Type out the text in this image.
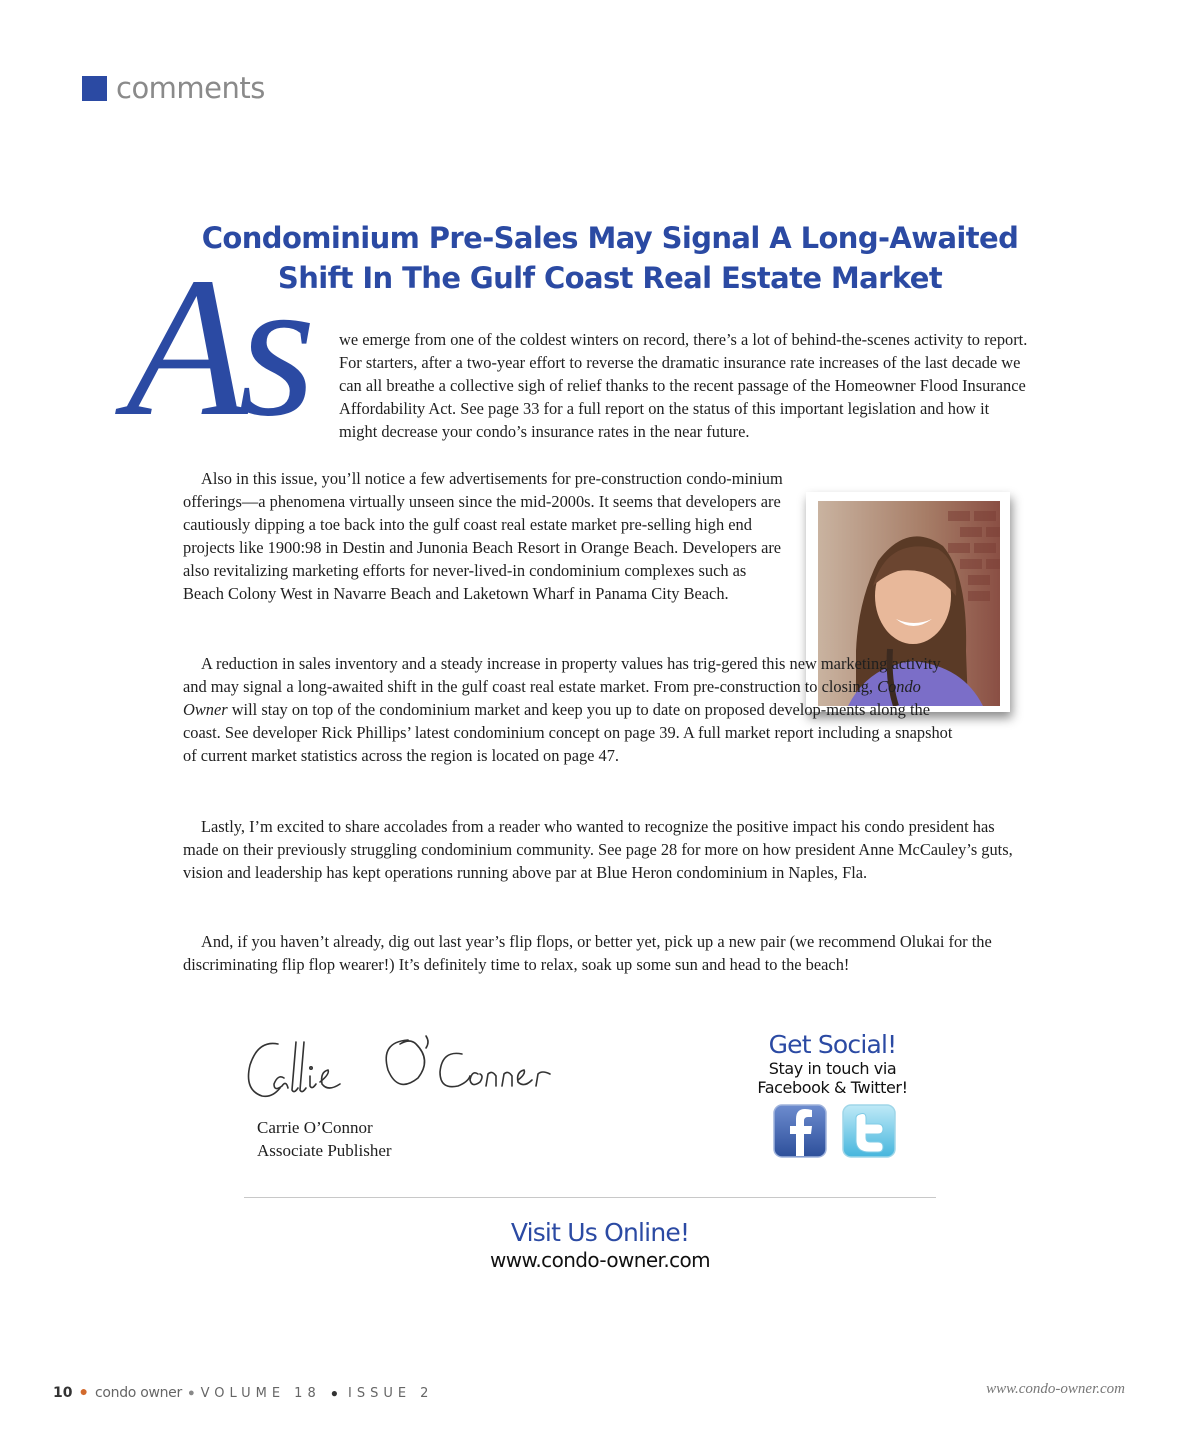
comments
Condominium Pre-Sales May Signal A Long-Awaited
Shift In The Gulf Coast Real Estate Market
As we emerge from one of the coldest winters on record, there’s a lot of behind-the-scenes activity to report. For starters, after a two-year effort to reverse the dramatic insurance rate increases of the last decade we can all breathe a collective sigh of relief thanks to the recent passage of the Homeowner Flood Insurance Affordability Act. See page 33 for a full report on the status of this important legislation and how it might decrease your condo’s insurance rates in the near future.

Also in this issue, you’ll notice a few advertisements for pre-construction condo-minium offerings—a phenomena virtually unseen since the mid-2000s. It seems that developers are cautiously dipping a toe back into the gulf coast real estate market pre-selling high end projects like 1900:98 in Destin and Junonia Beach Resort in Orange Beach. Developers are also revitalizing marketing efforts for never-lived-in condominium complexes such as Beach Colony West in Navarre Beach and Laketown Wharf in Panama City Beach.

A reduction in sales inventory and a steady increase in property values has trig-gered this new marketing activity and may signal a long-awaited shift in the gulf coast real estate market. From pre-construction to closing, Condo Owner will stay on top of the condominium market and keep you up to date on proposed develop-ments along the coast. See developer Rick Phillips’ latest condominium concept on page 39. A full market report including a snapshot of current market statistics across the region is located on page 47.

Lastly, I’m excited to share accolades from a reader who wanted to recognize the positive impact his condo president has made on their previously struggling condominium community. See page 28 for more on how president Anne McCauley’s guts, vision and leadership has kept operations running above par at Blue Heron condominium in Naples, Fla.

And, if you haven’t already, dig out last year’s flip flops, or better yet, pick up a new pair (we recommend Olukai for the discriminating flip flop wearer!) It’s definitely time to relax, soak up some sun and head to the beach!

Carrie O’Connor

Associate Publisher

Get Social!
Stay in touch via
Facebook & Twitter!
Visit Us Online!
www.condo-owner.com
10 ● condo owner ● VOLUME 18 ● ISSUE 2	www.condo-owner.com
